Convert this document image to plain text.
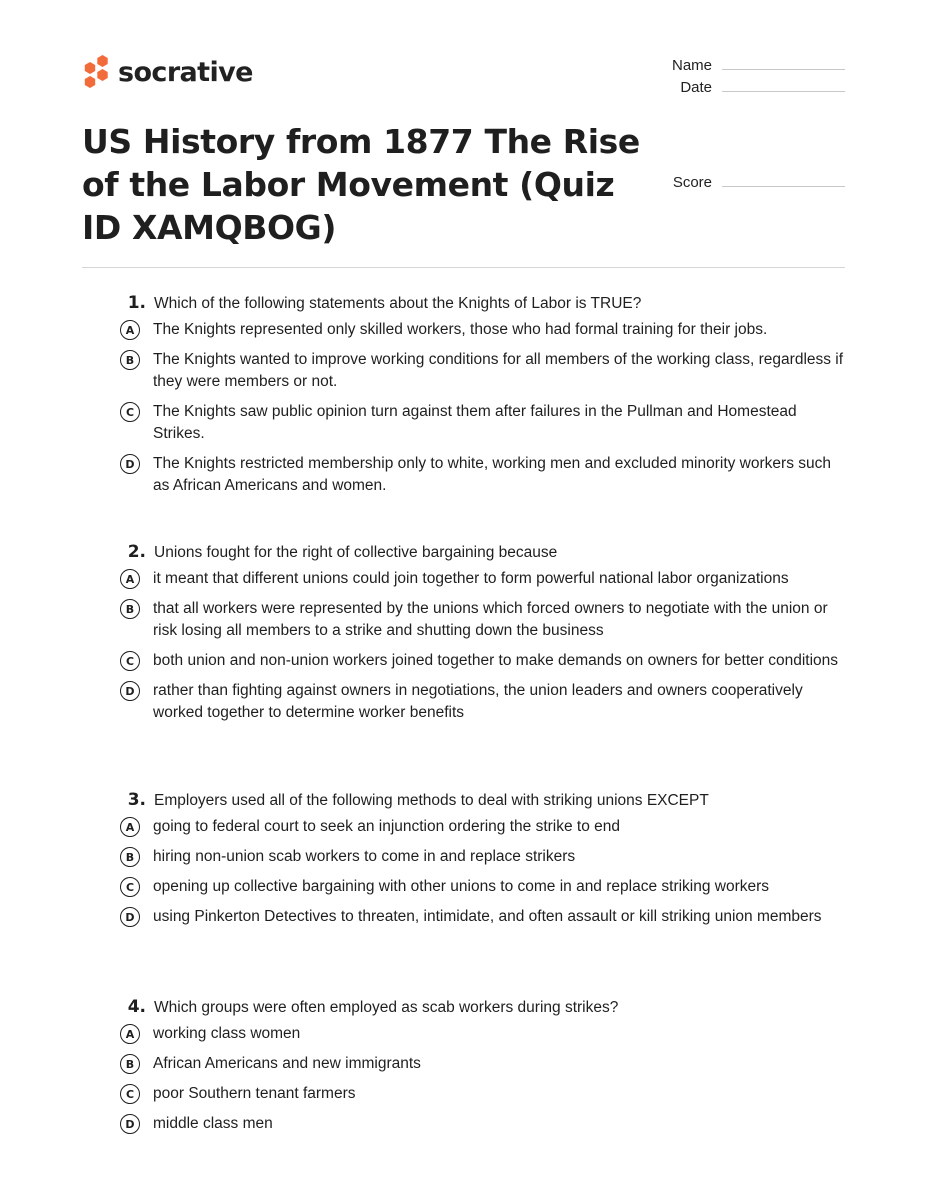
socrative	Name
Date
Score
US History from 1877 The Rise of the Labor Movement (Quiz ID XAMQBOG)
1. Which of the following statements about the Knights of Labor is TRUE?
A	The Knights represented only skilled workers, those who had formal training for their jobs.
B	The Knights wanted to improve working conditions for all members of the working class, regardless if they were members or not.
C	The Knights saw public opinion turn against them after failures in the Pullman and Homestead Strikes.
D	The Knights restricted membership only to white, working men and excluded minority workers such as African Americans and women.
2. Unions fought for the right of collective bargaining because
A	it meant that different unions could join together to form powerful national labor organizations
B	that all workers were represented by the unions which forced owners to negotiate with the union or risk losing all members to a strike and shutting down the business
C	both union and non-union workers joined together to make demands on owners for better conditions
D	rather than fighting against owners in negotiations, the union leaders and owners cooperatively worked together to determine worker benefits
3. Employers used all of the following methods to deal with striking unions EXCEPT
A	going to federal court to seek an injunction ordering the strike to end
B	hiring non-union scab workers to come in and replace strikers
C	opening up collective bargaining with other unions to come in and replace striking workers
D	using Pinkerton Detectives to threaten, intimidate, and often assault or kill striking union members
4. Which groups were often employed as scab workers during strikes?
A	working class women
B	African Americans and new immigrants
C	poor Southern tenant farmers
D	middle class men
